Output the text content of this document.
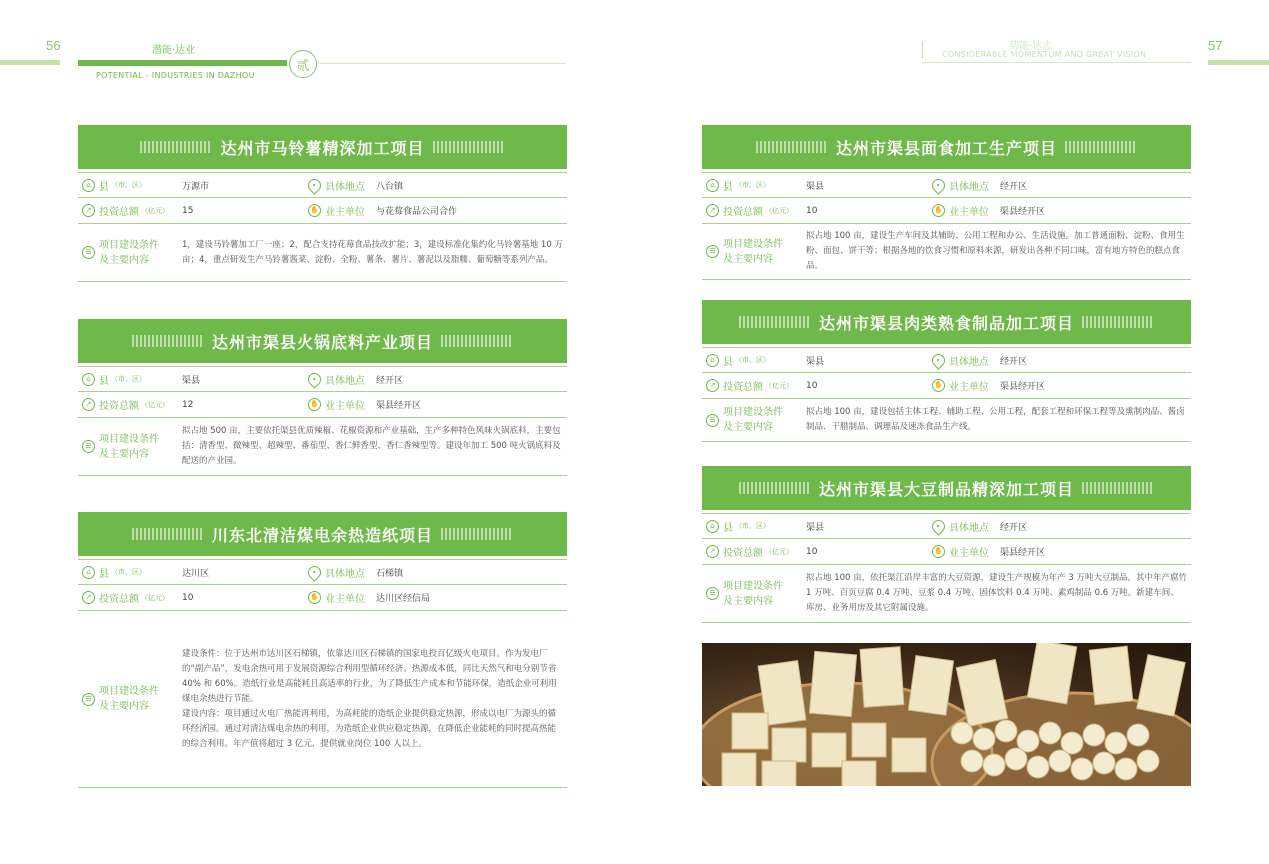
56	潜能·达业
POTENTIAL - INDUSTRIES IN DAZHOU
贰
势能·达志
CONSIDERABLE MOMENTUM AND GREAT VISION
57
达州市马铃薯精深加工项目
⌂ 县 （市、区）	万源市	• 具体地点 八台镇
↗ 投资总额 （亿元） 15	✋ 业主单位 与花莓食品公司合作
☰
项目建设条件
及主要内容
1，建设马铃薯加工厂一座；2，配合支持花莓食品技改扩能；3，建设标准化集约化马铃薯基地 10 万亩；4，重点研发生产马铃薯酱菜、淀粉、全粉、薯条、薯片、薯泥以及脂糯、葡萄糖等系列产品。
达州市渠县火锅底料产业项目
⌂ 县 （市、区）	渠县	• 具体地点 经开区
↗ 投资总额 （亿元） 12	✋ 业主单位 渠县经开区
☰
项目建设条件
及主要内容
拟占地 500 亩，主要依托渠县优质辣椒、花椒资源和产业基础，生产多种特色风味火锅底料，主要包括：清香型、微辣型、超辣型、番茄型、香仁鲜香型、香仁香辣型等。建设年加工 500 吨火锅底料及配送的产业园。
川东北清洁煤电余热造纸项目
⌂ 县 （市、区）	达川区	• 具体地点 石梯镇
↗ 投资总额 （亿元） 10	✋ 业主单位 达川区经信局
☰
项目建设条件
及主要内容
建设条件：位于达州市达川区石梯镇，依靠达川区石梯镇的国家电投百亿级火电项目。作为发电厂的“副产品”，发电余热可用于发展资源综合利用型循环经济。热源成本低，同比天然气和电分别节省 40% 和 60%。造纸行业是高能耗且高适率的行业，为了降低生产成本和节能环保，造纸企业可利用煤电余热进行节能。
建设内容：项目通过火电厂热能再利用，为高耗能的造纸企业提供稳定热源，形成以电厂为源头的循环经济园。通过对清洁煤电余热的利用，为造纸企业供应稳定热源，在降低企业能耗的同时提高热能的综合利用。年产值将超过 3 亿元，提供就业岗位 100 人以上。
达州市渠县面食加工生产项目
⌂ 县 （市、区）	渠县	• 具体地点 经开区
↗ 投资总额 （亿元） 10	✋ 业主单位 渠县经开区
☰
项目建设条件
及主要内容
拟占地 100 亩，建设生产车间及其辅助、公用工程和办公、生活设施。加工普通面粉、淀粉、食用生粉、面包、饼干等；根据各地的饮食习惯和原料来源，研发出各种不同口味，富有地方特色的糕点食品。
达州市渠县肉类熟食制品加工项目
⌂ 县 （市、区）	渠县	• 具体地点 经开区
↗ 投资总额 （亿元） 10	✋ 业主单位 渠县经开区
☰
项目建设条件
及主要内容
拟占地 100 亩，建设包括主体工程、辅助工程、公用工程，配套工程和环保工程等及熏制肉品、酱卤制品、干腊制品、调理品及速冻食品生产线。
达州市渠县大豆制品精深加工项目
⌂ 县 （市、区）	渠县	• 具体地点 经开区
↗ 投资总额 （亿元） 10	✋ 业主单位 渠县经开区
☰
项目建设条件
及主要内容
拟占地 100 亩，依托渠江沿岸丰富的大豆资源，建设生产规模为年产 3 万吨大豆制品，其中年产腐竹 1 万吨、百页豆腐 0.4 万吨、豆浆 0.4 万吨、固体饮料 0.4 万吨、素鸡制品 0.6 万吨。新建车间、库房、业务用房及其它附属设施。
